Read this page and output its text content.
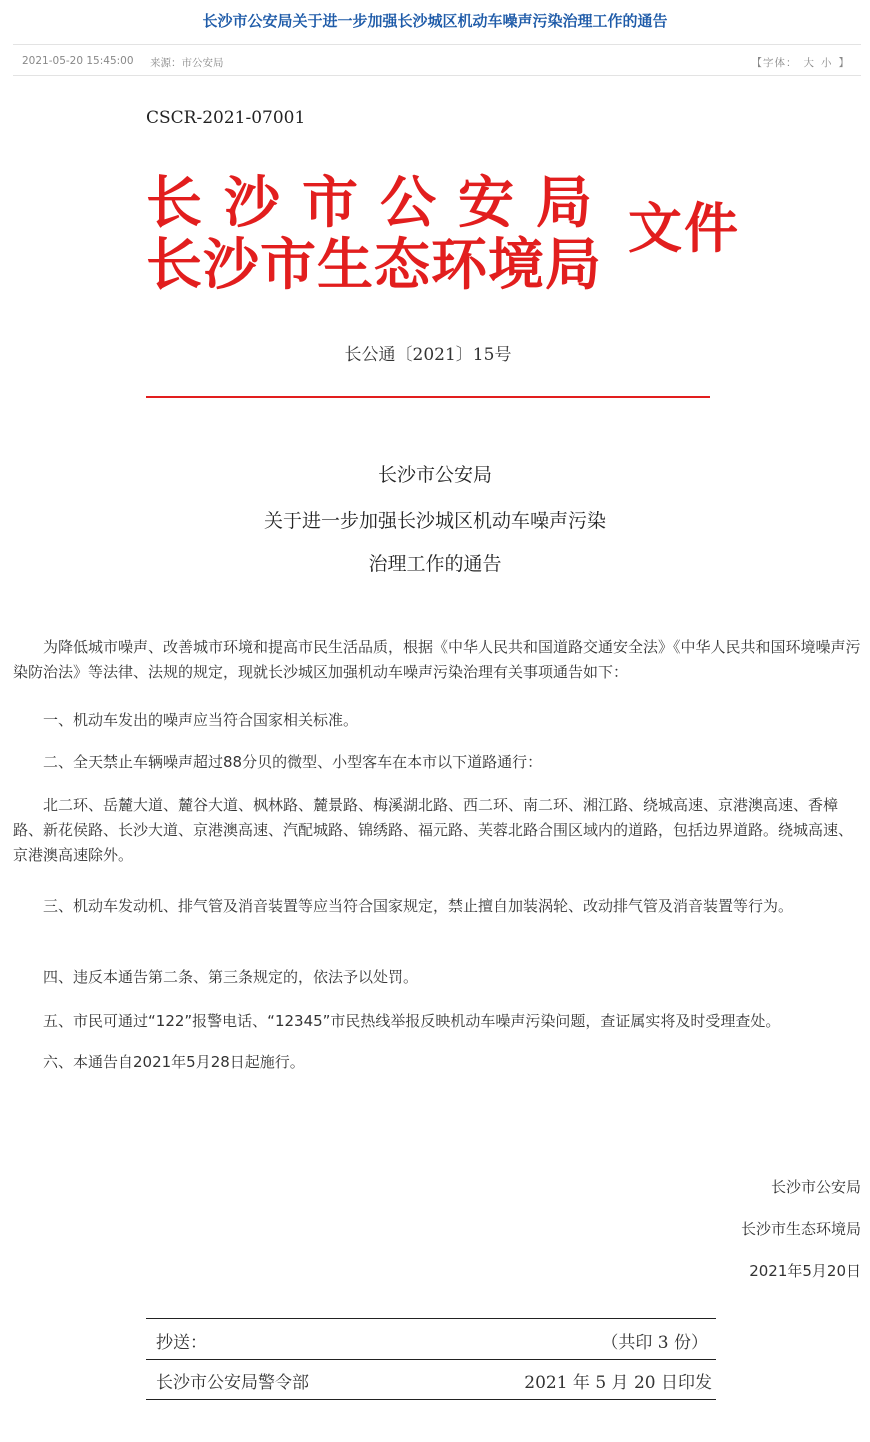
长沙市公安局关于进一步加强长沙城区机动车噪声污染治理工作的通告
2021-05-20 15:45:00 来源：市公安局	【字体： 大 小 】
CSCR-2021-07001
长沙市公安局
长沙市生态环境局
文件
长公通〔2021〕15号
长沙市公安局
关于进一步加强长沙城区机动车噪声污染
治理工作的通告

为降低城市噪声、改善城市环境和提高市民生活品质，根据《中华人民共和国道路交通安全法》《中华人民共和国环境噪声污染防治法》等法律、法规的规定，现就长沙城区加强机动车噪声污染治理有关事项通告如下：

一、机动车发出的噪声应当符合国家相关标准。

二、全天禁止车辆噪声超过88分贝的微型、小型客车在本市以下道路通行：

北二环、岳麓大道、麓谷大道、枫林路、麓景路、梅溪湖北路、西二环、南二环、湘江路、绕城高速、京港澳高速、香樟路、新花侯路、长沙大道、京港澳高速、汽配城路、锦绣路、福元路、芙蓉北路合围区域内的道路，包括边界道路。绕城高速、京港澳高速除外。

三、机动车发动机、排气管及消音装置等应当符合国家规定，禁止擅自加装涡轮、改动排气管及消音装置等行为。

四、违反本通告第二条、第三条规定的，依法予以处罚。

五、市民可通过“122”报警电话、“12345”市民热线举报反映机动车噪声污染问题，查证属实将及时受理查处。

六、本通告自2021年5月28日起施行。

长沙市公安局
长沙市生态环境局
2021年5月20日
抄送：	（共印 3 份）
长沙市公安局警令部	2021 年 5 月 20 日印发
